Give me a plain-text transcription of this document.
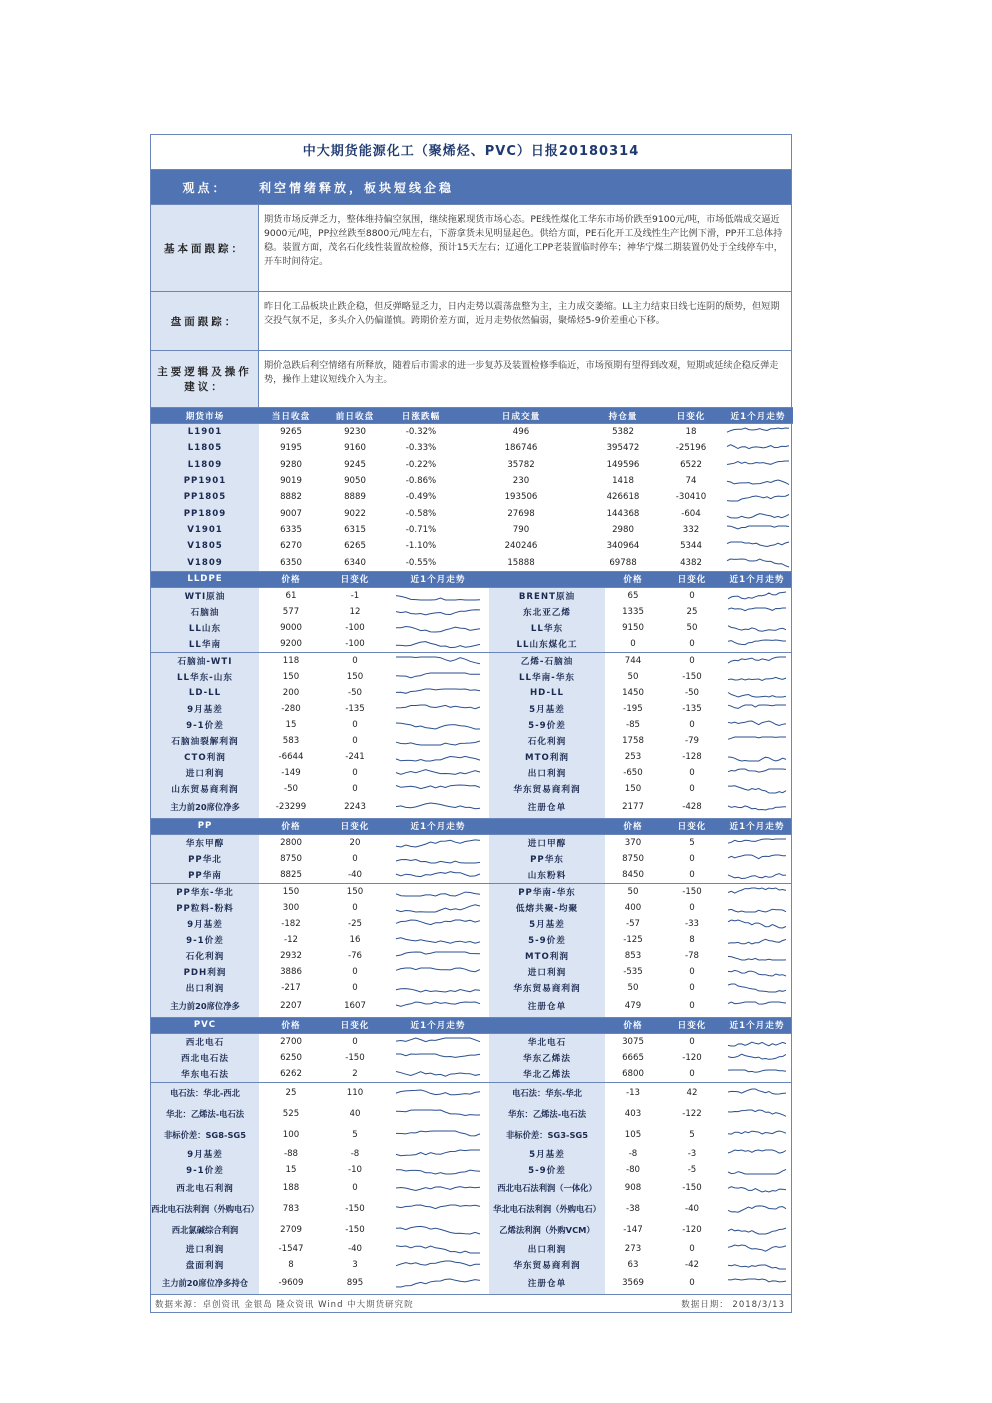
中大期货能源化工（聚烯烃、PVC）日报20180314
观点：	利空情绪释放，板块短线企稳
基本面跟踪：
期货市场反弹乏力，整体维持偏空氛围，继续拖累现货市场心态。PE线性煤化工华东市场价跌至9100元/吨，市场低端成交逼近9000元/吨，PP拉丝跌至8800元/吨左右，下游拿货未见明显起色。供给方面，PE石化开工及线性生产比例下滑，PP开工总体持稳。装置方面，茂名石化线性装置故检修，预计15天左右；辽通化工PP老装置临时停车；神华宁煤二期装置仍处于全线停车中，开车时间待定。
盘面跟踪：
昨日化工品板块止跌企稳，但反弹略显乏力，日内走势以震荡盘整为主，主力成交萎缩。LL主力结束日线七连阴的颓势，但短期交投气氛不足，多头介入仍偏谨慎。跨期价差方面，近月走势依然偏弱，聚烯烃5-9价差重心下移。
主要逻辑及操作建议：
期价急跌后利空情绪有所释放，随着后市需求的进一步复苏及装置检修季临近，市场预期有望得到改观，短期或延续企稳反弹走势，操作上建议短线介入为主。
期货市场	当日收盘	前日收盘	日涨跌幅	日成交量	持仓量	日变化	近1个月走势
L1901	9265	9230	-0.32%	496	5382	18	

L1805	9195	9160	-0.33%	186746	395472	-25196	

L1809	9280	9245	-0.22%	35782	149596	6522	

PP1901	9019	9050	-0.86%	230	1418	74	

PP1805	8882	8889	-0.49%	193506	426618	-30410	

PP1809	9007	9022	-0.58%	27698	144368	-604	

V1901	6335	6315	-0.71%	790	2980	332	

V1805	6270	6265	-1.10%	240246	340964	5344	

V1809	6350	6340	-0.55%	15888	69788	4382	
LLDPE	价格	日变化	近1个月走势		价格	日变化	近1个月走势
WTI原油	61	-1		BRENT原油	65	0	

石脑油	577	12		东北亚乙烯	1335	25	

LL山东	9000	-100		LL华东	9150	50	

LL华南	9200	-100		LL山东煤化工	0	0	

石脑油-WTI	118	0		乙烯-石脑油	744	0	

LL华东-山东	150	150		LL华南-华东	50	-150	

LD-LL	200	-50		HD-LL	1450	-50	

9月基差	-280	-135		5月基差	-195	-135	

9-1价差	15	0		5-9价差	-85	0	

石脑油裂解利润	583	0		石化利润	1758	-79	

CTO利润	-6644	-241		MTO利润	253	-128	

进口利润	-149	0		出口利润	-650	0	

山东贸易商利润	-50	0		华东贸易商利润	150	0	

主力前20席位净多	-23299	2243		注册仓单	2177	-428	
PP	价格	日变化	近1个月走势		价格	日变化	近1个月走势
华东甲醇	2800	20		进口甲醇	370	5	

PP华北	8750	0		PP华东	8750	0	

PP华南	8825	-40		山东粉料	8450	0	

PP华东-华北	150	150		PP华南-华东	50	-150	

PP粒料-粉料	300	0		低熔共聚-均聚	400	0	

9月基差	-182	-25		5月基差	-57	-33	

9-1价差	-12	16		5-9价差	-125	8	

石化利润	2932	-76		MTO利润	853	-78	

PDH利润	3886	0		进口利润	-535	0	

出口利润	-217	0		华东贸易商利润	50	0	

主力前20席位净多	2207	1607		注册仓单	479	0	
PVC	价格	日变化	近1个月走势		价格	日变化	近1个月走势
西北电石	2700	0		华北电石	3075	0	

西北电石法	6250	-150		华东乙烯法	6665	-120	

华东电石法	6262	2		华北乙烯法	6800	0	

电石法：华北-西北	25	110		电石法：华东-华北	-13	42	

华北：乙烯法-电石法	525	40		华东：乙烯法-电石法	403	-122	

非标价差：SG8-SG5	100	5		非标价差：SG3-SG5	105	5	

9月基差	-88	-8		5月基差	-8	-3	

9-1价差	15	-10		5-9价差	-80	-5	

西北电石利润	188	0		西北电石法利润（一体化）	908	-150	

西北电石法利润（外购电石）	783	-150		华北电石法利润（外购电石）	-38	-40	

西北氯碱综合利润	2709	-150		乙烯法利润（外购VCM）	-147	-120	

进口利润	-1547	-40		出口利润	273	0	

盘面利润	8	3		华东贸易商利润	63	-42	

主力前20席位净多持仓	-9609	895		注册仓单	3569	0	
数据来源：卓创资讯 金银岛 隆众资讯 Wind 中大期货研究院	数据日期： 2018/3/13
